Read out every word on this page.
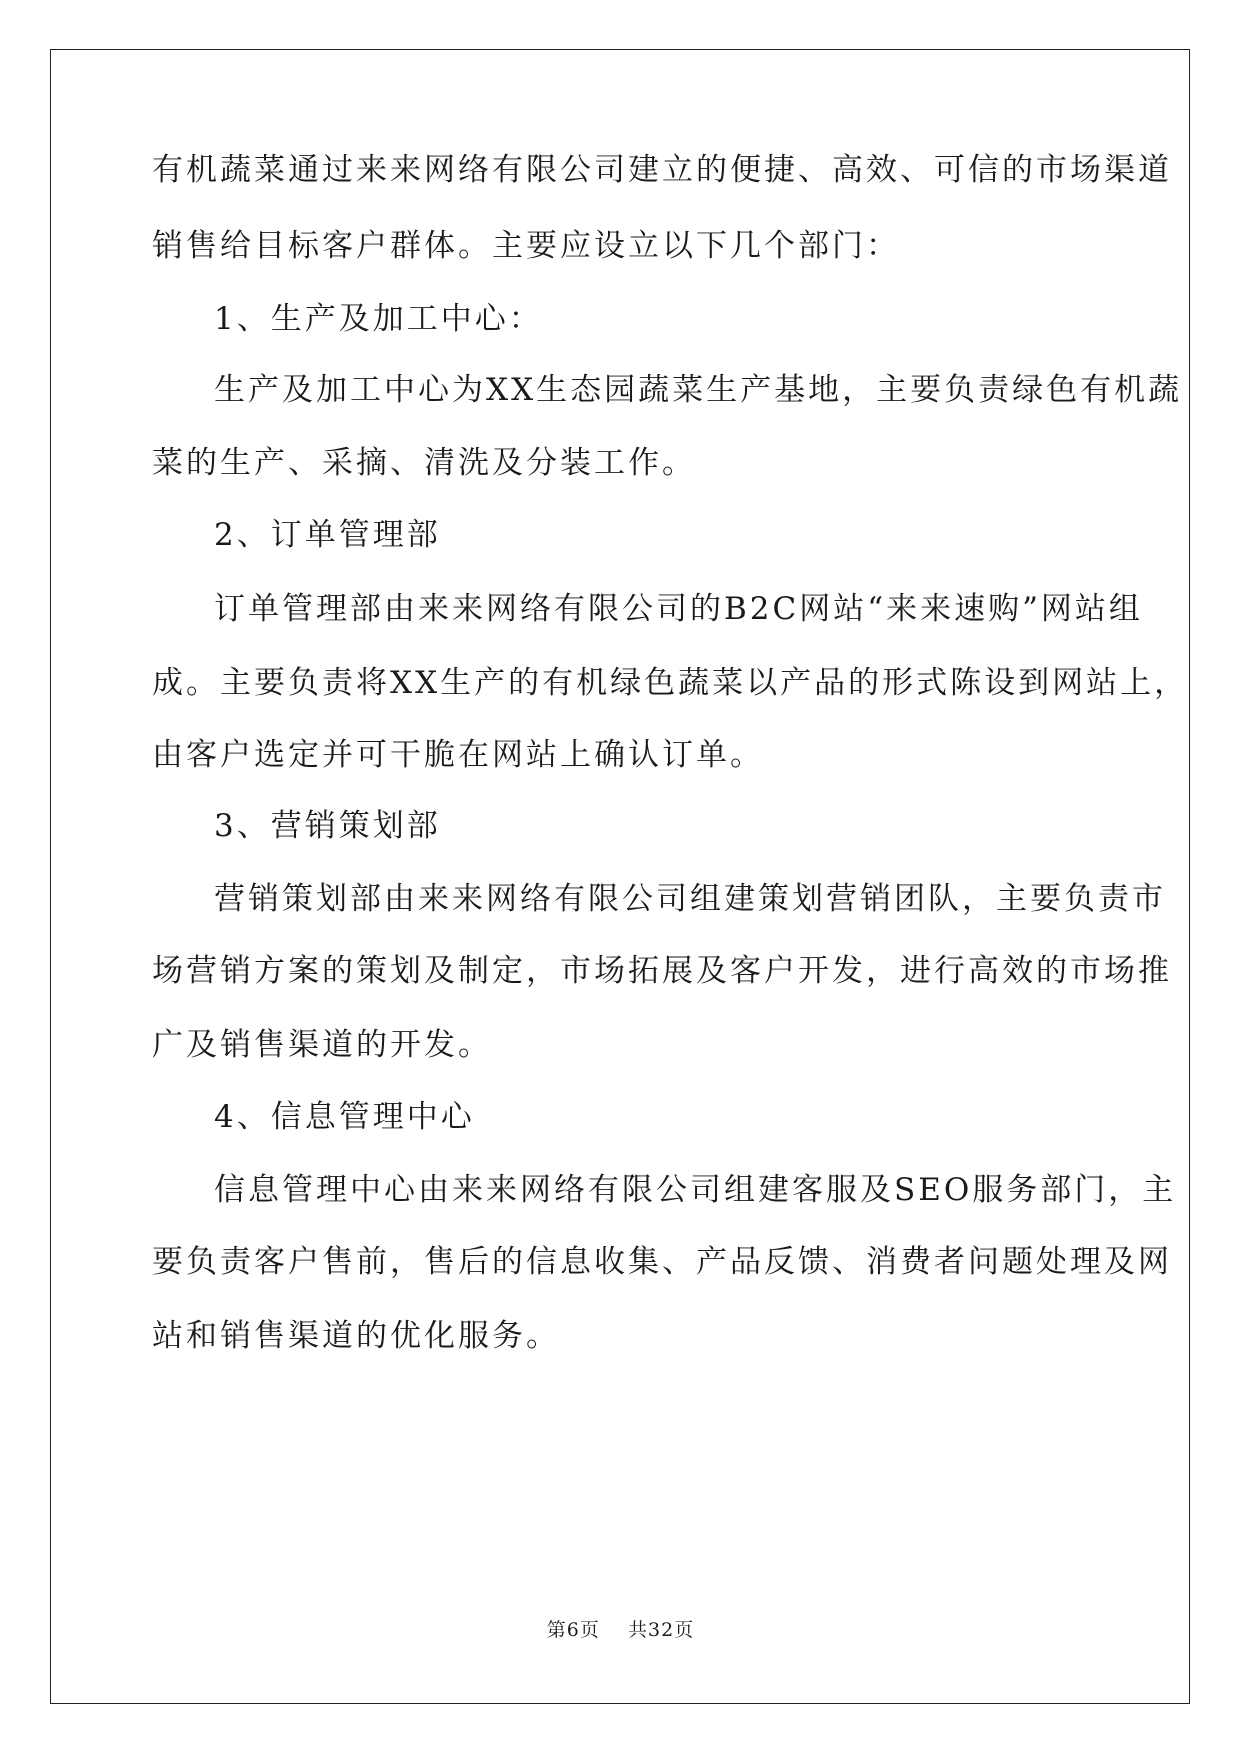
有机蔬菜通过来来网络有限公司建立的便捷、高效、可信的市场渠道

销售给目标客户群体。主要应设立以下几个部门：

1、生产及加工中心：

生产及加工中心为XX生态园蔬菜生产基地，主要负责绿色有机蔬

菜的生产、采摘、清洗及分装工作。

2、订单管理部

订单管理部由来来网络有限公司的B2C网站“来来速购”网站组

成。主要负责将XX生产的有机绿色蔬菜以产品的形式陈设到网站上，

由客户选定并可干脆在网站上确认订单。

3、营销策划部

营销策划部由来来网络有限公司组建策划营销团队，主要负责市

场营销方案的策划及制定，市场拓展及客户开发，进行高效的市场推

广及销售渠道的开发。

4、信息管理中心

信息管理中心由来来网络有限公司组建客服及SEO服务部门，主

要负责客户售前，售后的信息收集、产品反馈、消费者问题处理及网

站和销售渠道的优化服务。

第6页    共32页
